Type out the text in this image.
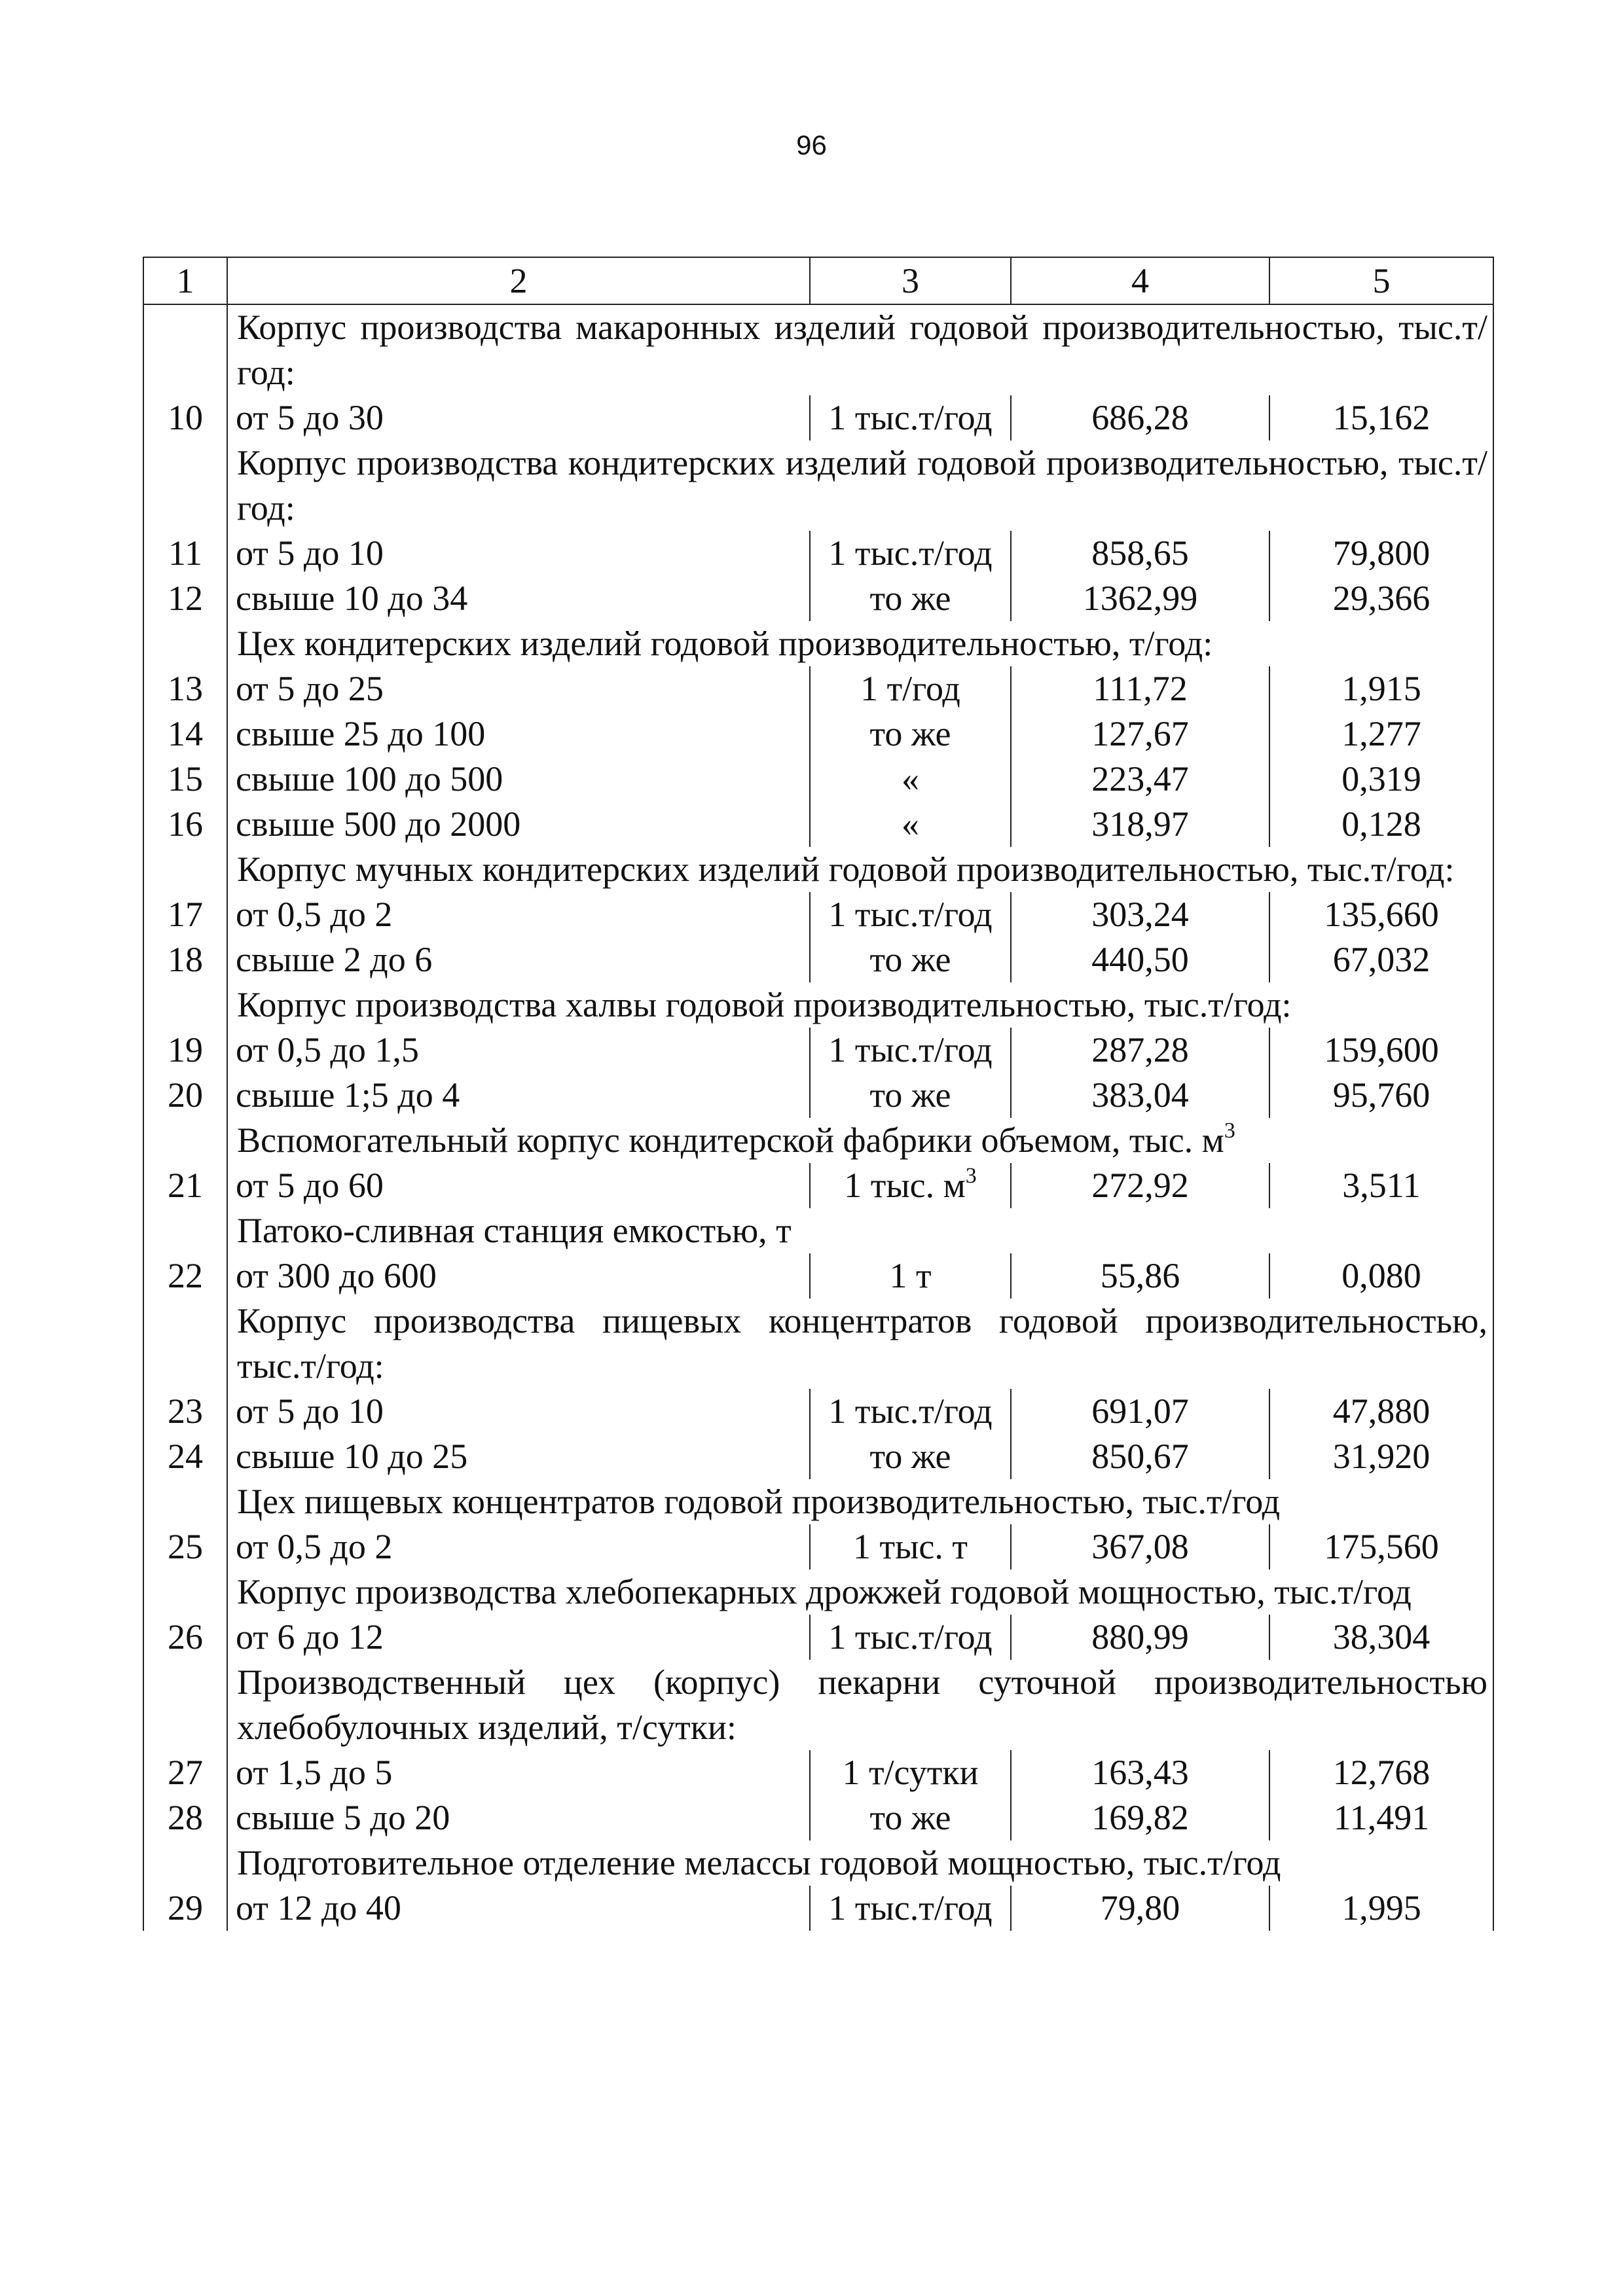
96
1	2	3	4	5
	Корпус производства макаронных изделий годовой производительностью, тыс.т/год:			
10	от 5 до 30	1 тыс.т/год	686,28	15,162
	Корпус производства кондитерских изделий годовой производительностью, тыс.т/год:			
11	от 5 до 10	1 тыс.т/год	858,65	79,800
12	свыше 10 до 34	то же	1362,99	29,366
	Цех кондитерских изделий годовой производительностью, т/год:			
13	от 5 до 25	1 т/год	111,72	1,915
14	свыше 25 до 100	то же	127,67	1,277
15	свыше 100 до 500	«	223,47	0,319
16	свыше 500 до 2000	«	318,97	0,128
	Корпус мучных кондитерских изделий годовой производительностью, тыс.т/год:			
17	от 0,5 до 2	1 тыс.т/год	303,24	135,660
18	свыше 2 до 6	то же	440,50	67,032
	Корпус производства халвы годовой производительностью, тыс.т/год:			
19	от 0,5 до 1,5	1 тыс.т/год	287,28	159,600
20	свыше 1;5 до 4	то же	383,04	95,760
	Вспомогательный корпус кондитерской фабрики объемом, тыс. $м^3$
21	от 5 до 60	1 тыс. $м^3$	272,92	3,511
	Патоко-сливная станция емкостью, т			
22	от 300 до 600	1 т	55,86	0,080
	Корпус производства пищевых концентратов годовой производительностью, тыс.т/год:			
23	от 5 до 10	1 тыс.т/год	691,07	47,880
24	свыше 10 до 25	то же	850,67	31,920
	Цех пищевых концентратов годовой производительностью, тыс.т/год			
25	от 0,5 до 2	1 тыс. т	367,08	175,560
	Корпус производства хлебопекарных дрожжей годовой мощностью, тыс.т/год			
26	от 6 до 12	1 тыс.т/год	880,99	38,304
	Производственный цех (корпус) пекарни суточной производительностью хлебобулочных изделий, т/сутки:			
27	от 1,5 до 5	1 т/сутки	163,43	12,768
28	свыше 5 до 20	то же	169,82	11,491
	Подготовительное отделение мелассы годовой мощностью, тыс.т/год			
29	от 12 до 40	1 тыс.т/год	79,80	1,995
